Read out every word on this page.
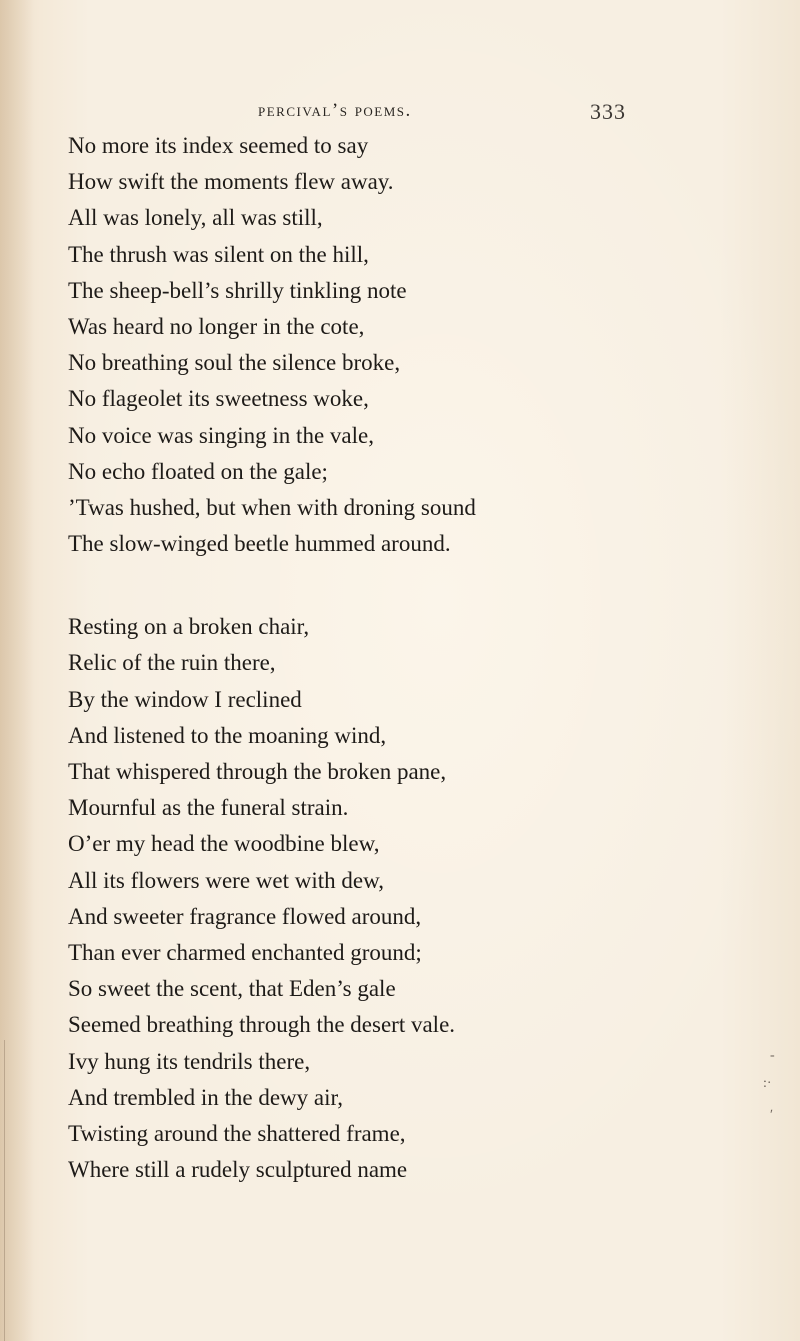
percival’s poems.	333
No more its index seemed to say
How swift the moments flew away.
All was lonely, all was still,
The thrush was silent on the hill,
The sheep-bell’s shrilly tinkling note
Was heard no longer in the cote,
No breathing soul the silence broke,
No flageolet its sweetness woke,
No voice was singing in the vale,
No echo floated on the gale;
’Twas hushed, but when with droning sound
The slow-winged beetle hummed around.
Resting on a broken chair,
Relic of the ruin there,
By the window I reclined
And listened to the moaning wind,
That whispered through the broken pane,
Mournful as the funeral strain.
O’er my head the woodbine blew,
All its flowers were wet with dew,
And sweeter fragrance flowed around,
Than ever charmed enchanted ground;
So sweet the scent, that Eden’s gale
Seemed breathing through the desert vale.
Ivy hung its tendrils there,
And trembled in the dewy air,
Twisting around the shattered frame,
Where still a rudely sculptured name
-
:·
ʹ
